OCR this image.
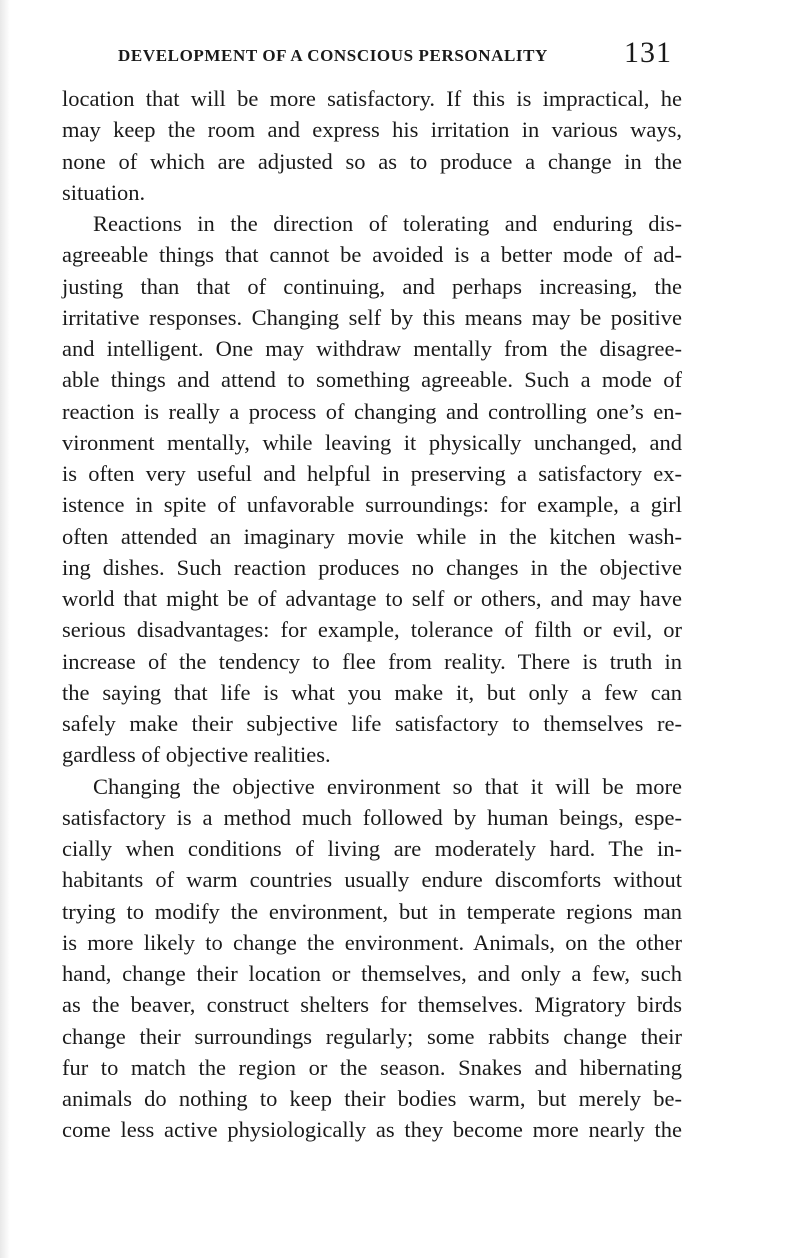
DEVELOPMENT OF A CONSCIOUS PERSONALITY	131
location that will be more satisfactory. If this is impractical, he
may keep the room and express his irritation in various ways,
none of which are adjusted so as to produce a change in the
situation.
Reactions in the direction of tolerating and enduring dis-
agreeable things that cannot be avoided is a better mode of ad-
justing than that of continuing, and perhaps increasing, the
irritative responses. Changing self by this means may be positive
and intelligent. One may withdraw mentally from the disagree-
able things and attend to something agreeable. Such a mode of
reaction is really a process of changing and controlling one’s en-
vironment mentally, while leaving it physically unchanged, and
is often very useful and helpful in preserving a satisfactory ex-
istence in spite of unfavorable surroundings: for example, a girl
often attended an imaginary movie while in the kitchen wash-
ing dishes. Such reaction produces no changes in the objective
world that might be of advantage to self or others, and may have
serious disadvantages: for example, tolerance of filth or evil, or
increase of the tendency to flee from reality. There is truth in
the saying that life is what you make it, but only a few can
safely make their subjective life satisfactory to themselves re-
gardless of objective realities.
Changing the objective environment so that it will be more
satisfactory is a method much followed by human beings, espe-
cially when conditions of living are moderately hard. The in-
habitants of warm countries usually endure discomforts without
trying to modify the environment, but in temperate regions man
is more likely to change the environment. Animals, on the other
hand, change their location or themselves, and only a few, such
as the beaver, construct shelters for themselves. Migratory birds
change their surroundings regularly; some rabbits change their
fur to match the region or the season. Snakes and hibernating
animals do nothing to keep their bodies warm, but merely be-
come less active physiologically as they become more nearly the
